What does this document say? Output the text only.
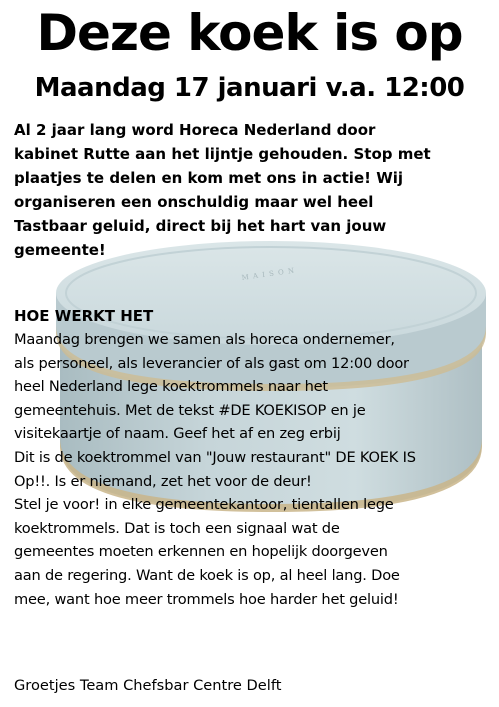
M A I S O N
Deze koek is op
Maandag 17 januari v.a. 12:00

Al 2 jaar lang word Horeca Nederland door
kabinet Rutte aan het lijntje gehouden. Stop met
plaatjes te delen en kom met ons in actie! Wij
organiseren een onschuldig maar wel heel
Tastbaar geluid, direct bij het hart van jouw
gemeente!

HOE WERKT HET

Maandag brengen we samen als horeca ondernemer,
als personeel, als leverancier of als gast om 12:00 door
heel Nederland lege koektrommels naar het
gemeentehuis. Met de tekst #DE KOEKISOP en je
visitekaartje of naam. Geef het af en zeg erbij
Dit is de koektrommel van "Jouw restaurant" DE KOEK IS
Op!!. Is er niemand, zet het voor de deur!
Stel je voor! in elke gemeentekantoor, tientallen lege
koektrommels. Dat is toch een signaal wat de
gemeentes moeten erkennen en hopelijk doorgeven
aan de regering. Want de koek is op, al heel lang. Doe
mee, want hoe meer trommels hoe harder het geluid!

Groetjes Team Chefsbar Centre Delft
